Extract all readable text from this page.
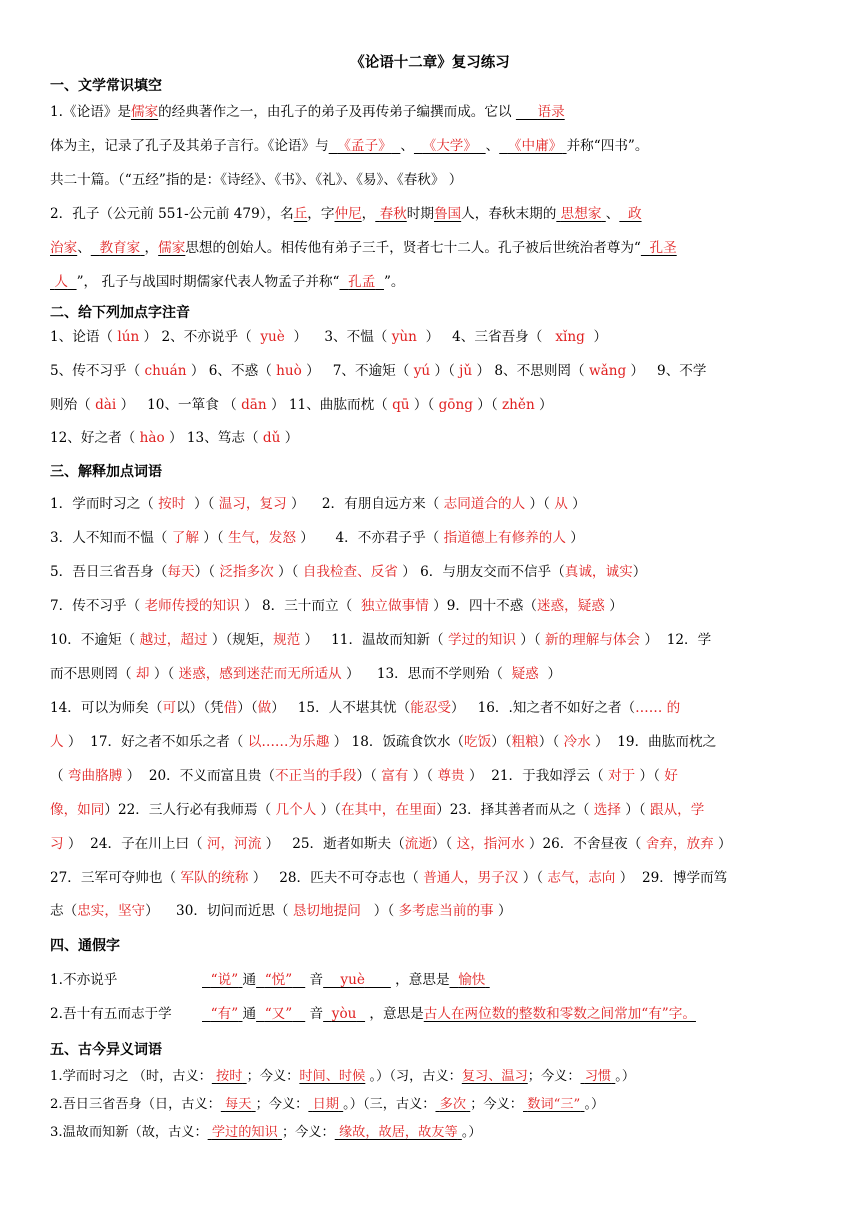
《论语十二章》复习练习
一、文学常识填空
1.《论语》是儒家的经典著作之一，由孔子的弟子及再传弟子编撰而成。它以 语录
体为主，记录了孔子及其弟子言行。《论语》与 《孟子》 、 《大学》 、 《中庸》 并称“四书”。
共二十篇。（“五经”指的是：《诗经》、《书》、《礼》、《易》、《春秋》 ）
2．孔子（公元前 551-公元前 479），名丘，字仲尼， 春秋时期鲁国人，春秋末期的 思想家 、 政
治家、 教育家 ，儒家思想的创始人。相传他有弟子三千，贤者七十二人。孔子被后世统治者尊为“ 孔圣
人 ”， 孔子与战国时期儒家代表人物孟子并称“ 孔孟 ”。
二、给下列加点字注音
1、论语（ lún ） 2、不亦说乎（ yuè ） 3、不愠（ yùn ） 4、三省吾身（ xǐng ）
5、传不习乎（ chuán ） 6、不惑（ huò ） 7、不逾矩（ yú ）（ jǔ ） 8、不思则罔（ wǎng ） 9、不学
则殆（ dài ） 10、一箪食 （ dān ） 11、曲肱而枕（ qū ）（ gōng ）（ zhěn ）
12、好之者（ hào ） 13、笃志（ dǔ ）
三、解释加点词语
1．学而时习之（ 按时 ）（ 温习，复习 ） 2．有朋自远方来（ 志同道合的人 ）（ 从 ）
3．人不知而不愠（ 了解 ）（ 生气，发怒 ） 4．不亦君子乎（ 指道德上有修养的人 ）
5．吾日三省吾身（每天）（ 泛指多次 ）（ 自我检查、反省 ） 6．与朋友交而不信乎（真诚，诚实）
7．传不习乎（ 老师传授的知识 ） 8．三十而立（ 独立做事情 ）9．四十不惑（迷惑，疑惑 ）
10．不逾矩（ 越过，超过 ）（规矩，规范 ） 11．温故而知新（ 学过的知识 ）（ 新的理解与体会 ） 12．学
而不思则罔（ 却 ）（ 迷惑，感到迷茫而无所适从 ） 13．思而不学则殆（ 疑惑 ）
14．可以为师矣（可以）（凭借）（做） 15．人不堪其忧（能忍受） 16．.知之者不如好之者（…… 的
人 ） 17．好之者不如乐之者（ 以……为乐趣 ） 18．饭疏食饮水（吃饭）（粗粮）（ 冷水 ） 19．曲肱而枕之
（ 弯曲胳膊 ） 20．不义而富且贵（不正当的手段）（ 富有 ）（ 尊贵 ） 21．于我如浮云（ 对于 ）（ 好
像，如同）22．三人行必有我师焉（ 几个人 ）（在其中，在里面）23．择其善者而从之（ 选择 ）（ 跟从，学
习 ） 24．子在川上曰（ 河，河流 ） 25．逝者如斯夫（流逝）（ 这，指河水 ）26．不舍昼夜（ 舍弃，放弃 ）
27．三军可夺帅也（ 军队的统称 ） 28．匹夫不可夺志也（ 普通人，男子汉 ）（ 志气，志向 ） 29．博学而笃
志（忠实，坚守） 30．切问而近思（ 恳切地提问 ）（ 多考虑当前的事 ）
四、通假字
1.不亦说乎	“说” 通 “悦” 音 yuè ，意思是 愉快
2.吾十有五而志于学	“有” 通 “又” 音 yòu ，意思是古人在两位数的整数和零数之间常加“有”字。
五、古今异义词语
1.学而时习之 （时，古义： 按时 ；今义：时间、时候 。）（习，古义：复习、温习；今义： 习惯 。）
2.吾日三省吾身（日，古义： 每天 ；今义： 日期 。）（三，古义： 多次 ；今义： 数词“三” 。）
3.温故而知新（故，古义： 学过的知识 ；今义： 缘故，故居，故友等 。）
